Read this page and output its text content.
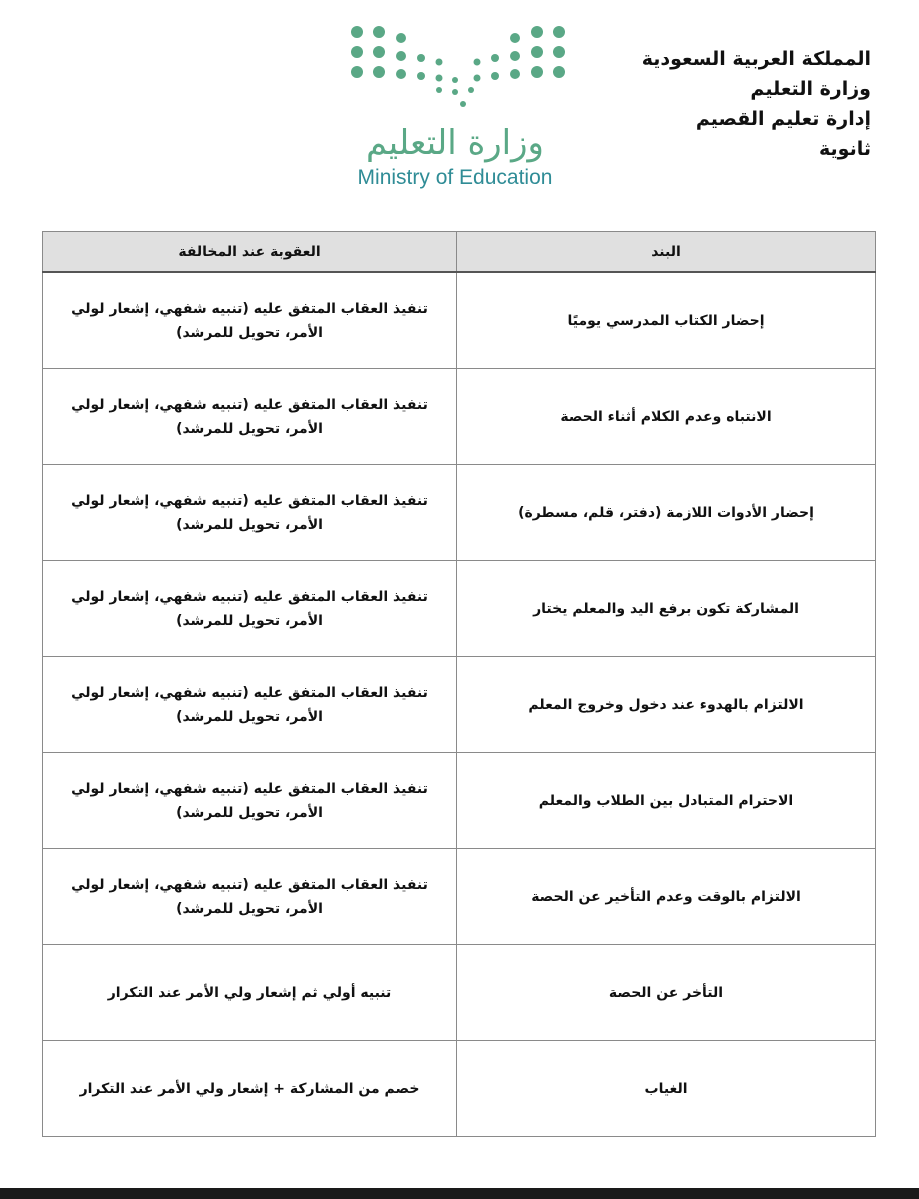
المملكة العربية السعودية
وزارة التعليم
إدارة تعليم القصيم
ثانوية
وزارة التعليم
Ministry of Education
البند	العقوبة عند المخالفة
إحضار الكتاب المدرسي يوميًا	تنفيذ العقاب المتفق عليه (تنبيه شفهي، إشعار لولي الأمر، تحويل للمرشد)
الانتباه وعدم الكلام أثناء الحصة	تنفيذ العقاب المتفق عليه (تنبيه شفهي، إشعار لولي الأمر، تحويل للمرشد)
إحضار الأدوات اللازمة (دفتر، قلم، مسطرة)	تنفيذ العقاب المتفق عليه (تنبيه شفهي، إشعار لولي الأمر، تحويل للمرشد)
المشاركة تكون برفع اليد والمعلم يختار	تنفيذ العقاب المتفق عليه (تنبيه شفهي، إشعار لولي الأمر، تحويل للمرشد)
الالتزام بالهدوء عند دخول وخروج المعلم	تنفيذ العقاب المتفق عليه (تنبيه شفهي، إشعار لولي الأمر، تحويل للمرشد)
الاحترام المتبادل بين الطلاب والمعلم	تنفيذ العقاب المتفق عليه (تنبيه شفهي، إشعار لولي الأمر، تحويل للمرشد)
الالتزام بالوقت وعدم التأخير عن الحصة	تنفيذ العقاب المتفق عليه (تنبيه شفهي، إشعار لولي الأمر، تحويل للمرشد)
التأخر عن الحصة	تنبيه أولي ثم إشعار ولي الأمر عند التكرار
الغياب	خصم من المشاركة + إشعار ولي الأمر عند التكرار
